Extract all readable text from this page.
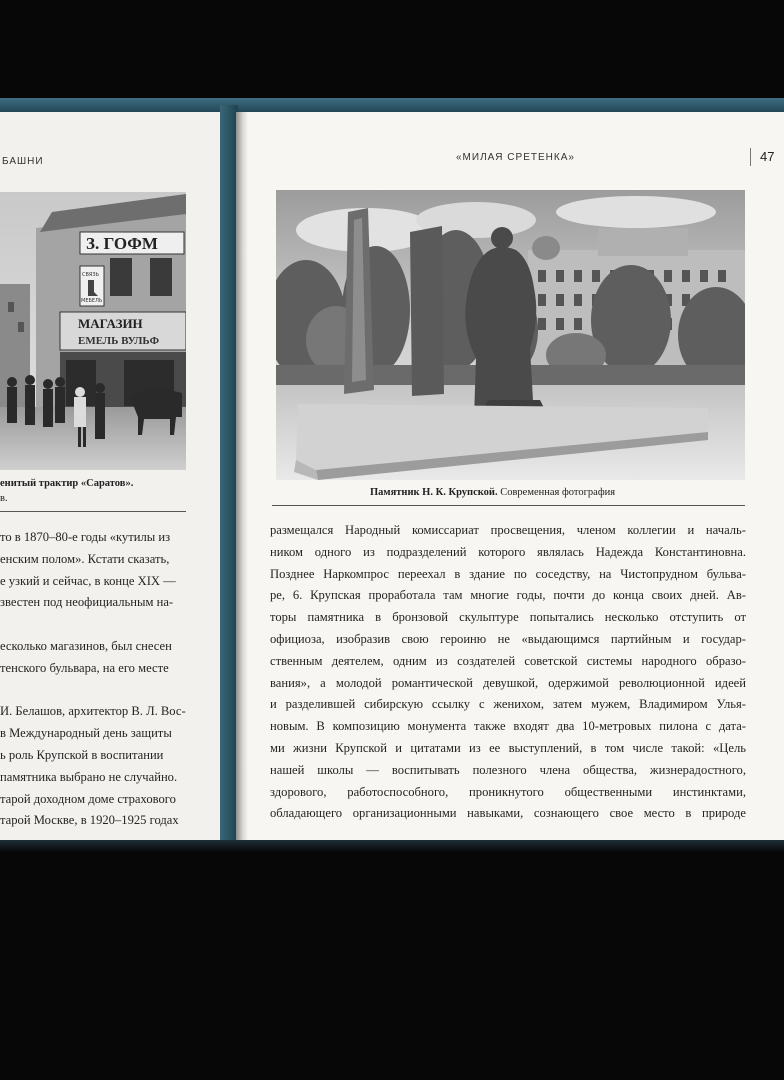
БАШНИ
З. ГОФМ
СВЯЗЬ
МЕБЕЛЬ
МАГАЗИН
ЕМЕЛЬ ВУЛЬФ
енитый трактир «Саратов».
в.
то в 1870–80-е годы «кутилы из
енским полом». Кстати сказать,
е узкий и сейчас, в конце XIX —
звестен под неофициальным на-
есколько магазинов, был снесен
тенского бульвара, на его месте
И. Белашов, архитектор В. Л. Вос-
в Международный день защиты
ь роль Крупской в воспитании
памятника выбрано не случайно.
тарой доходном доме страхового
тарой Москве, в 1920–1925 годах
«МИЛАЯ СРЕТЕНКА»	47
Памятник Н. К. Крупской. Современная фотография
размещался Народный комиссариат просвещения, членом коллегии и началь-
ником одного из подразделений которого являлась Надежда Константиновна.
Позднее Наркомпрос переехал в здание по соседству, на Чистопрудном бульва-
ре, 6. Крупская проработала там многие годы, почти до конца своих дней. Ав-
торы памятника в бронзовой скульптуре попытались несколько отступить от
официоза, изобразив свою героиню не «выдающимся партийным и государ-
ственным деятелем, одним из создателей советской системы народного образо-
вания», а молодой романтической девушкой, одержимой революционной идеей
и разделившей сибирскую ссылку с женихом, затем мужем, Владимиром Улья-
новым. В композицию монумента также входят два 10-метровых пилона с дата-
ми жизни Крупской и цитатами из ее выступлений, в том числе такой: «Цель
нашей школы — воспитывать полезного члена общества, жизнерадостного,
здорового, работоспособного, проникнутого общественными инстинктами,
обладающего организационными навыками, сознающего свое место в природе
